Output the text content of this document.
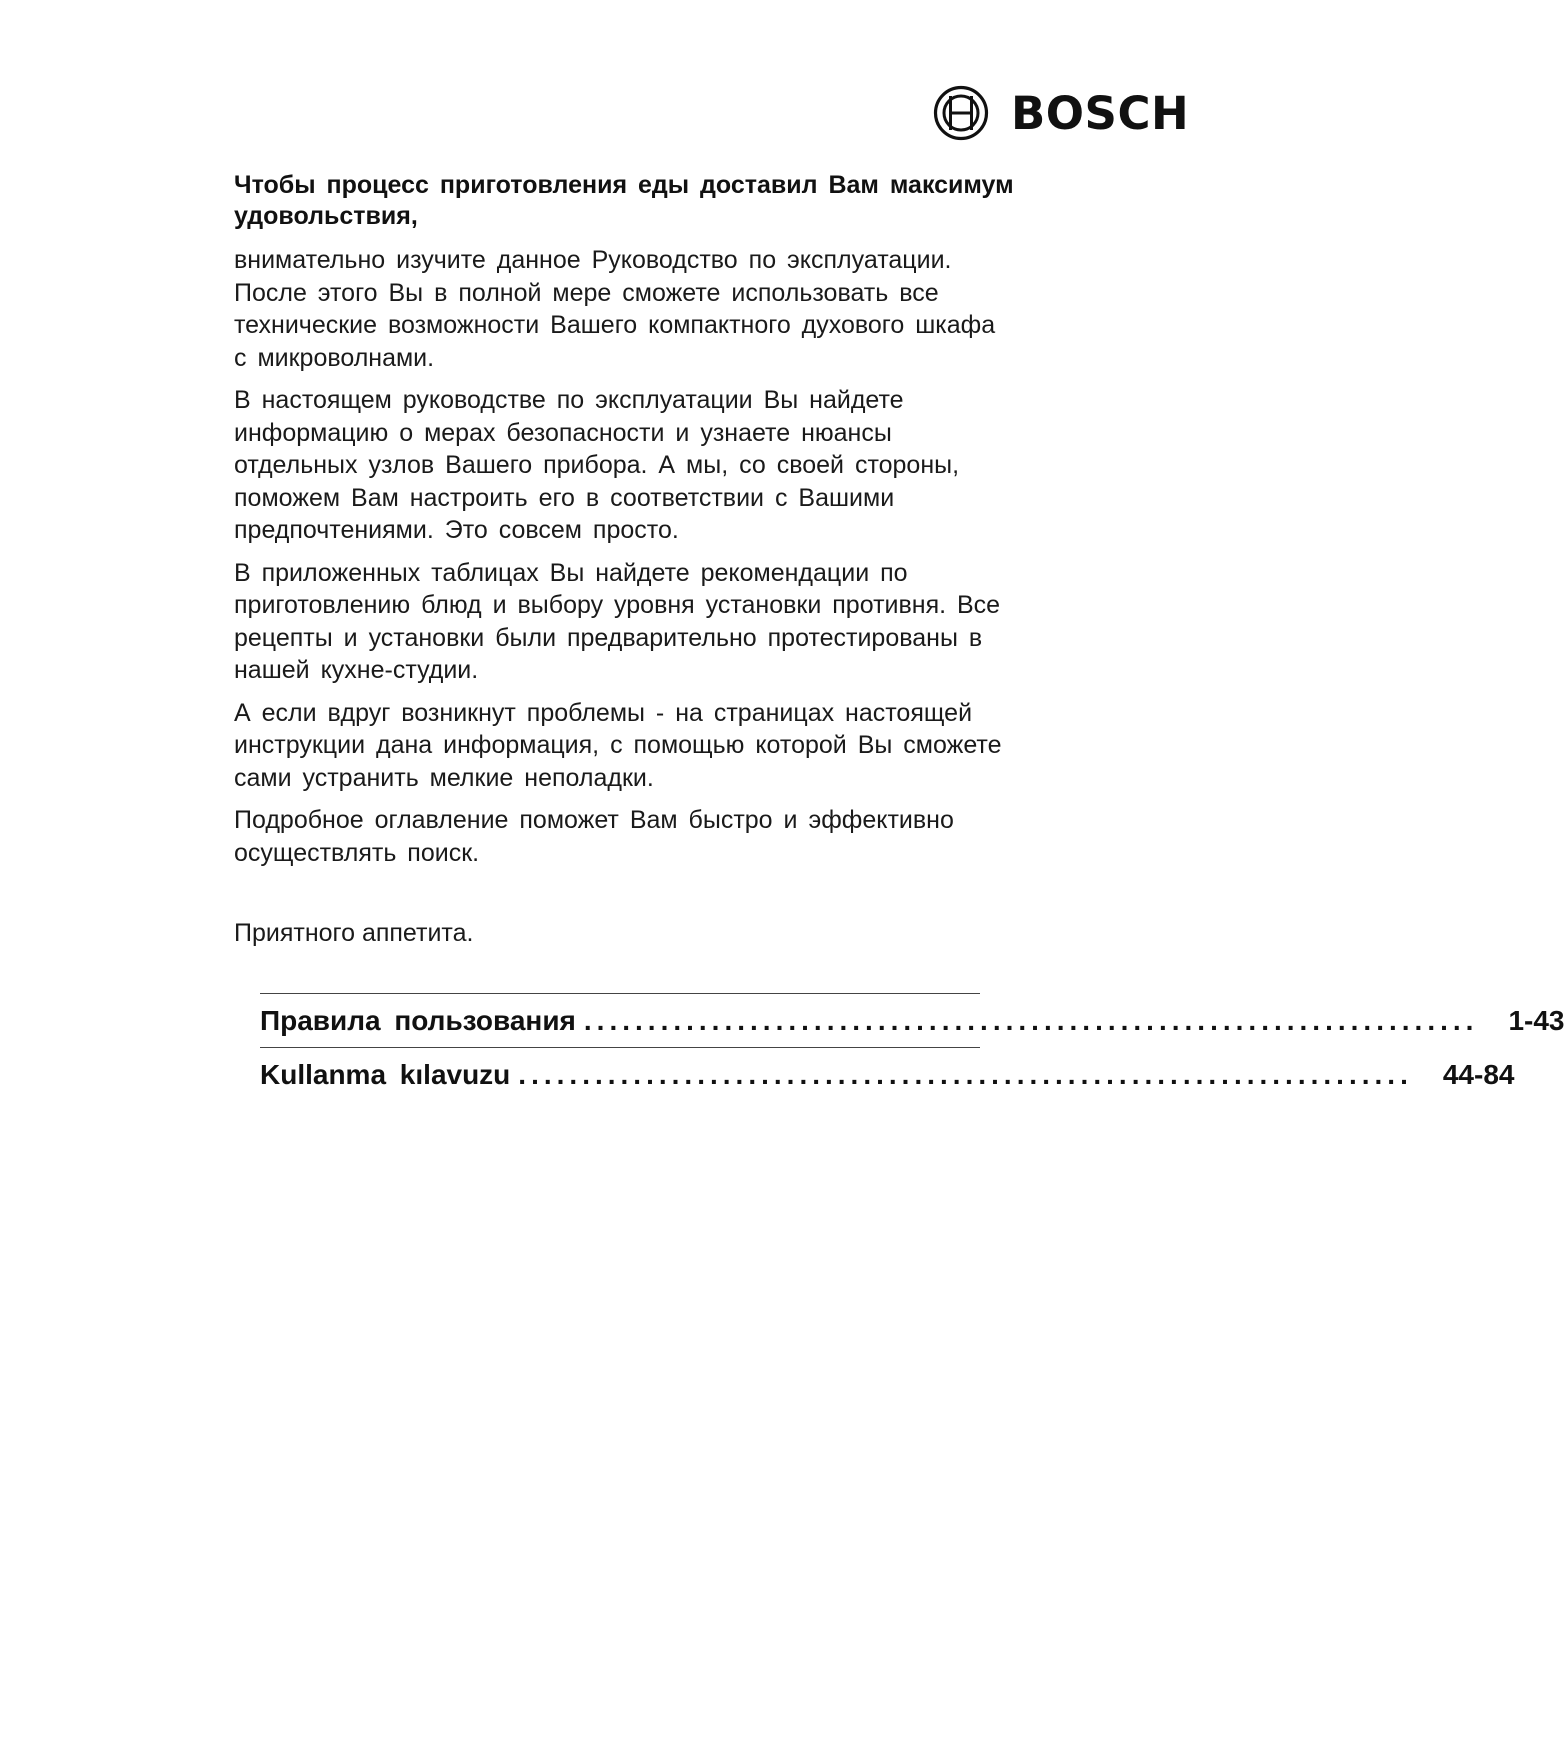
BOSCH

Чтобы процесс приготовления еды доставил Вам максимум удовольствия,

внимательно изучите данное Руководство по эксплуатации. После этого Вы в полной мере сможете использовать все технические возможности Вашего компактного духового шкафа с микроволнами.

В настоящем руководстве по эксплуатации Вы найдете информацию о мерах безопасности и узнаете нюансы отдельных узлов Вашего прибора. А мы, со своей стороны, поможем Вам настроить его в соответствии с Вашими предпочтениями. Это совсем просто.

В приложенных таблицах Вы найдете рекомендации по приготовлению блюд и выбору уровня установки противня. Все рецепты и установки были предварительно протестированы в нашей кухне-студии.

А если вдруг возникнут проблемы - на страницах настоящей инструкции дана информация, с помощью которой Вы сможете сами устранить мелкие неполадки.

Подробное оглавление поможет Вам быстро и эффективно осуществлять поиск.

Приятного аппетита.

Правила пользования ...................................................................... 1-43
Kullanma kılavuzu ...................................................................... 44-84
